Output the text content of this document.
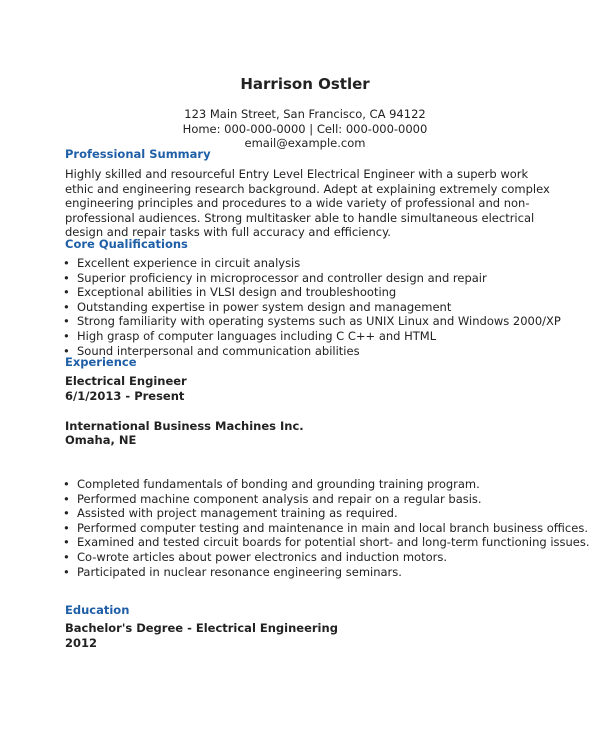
Harrison Ostler
123 Main Street, San Francisco, CA 94122
Home: 000-000-0000 | Cell: 000-000-0000
email@example.com
Professional Summary

Highly skilled and resourceful Entry Level Electrical Engineer with a superb work ethic and engineering research background. Adept at explaining extremely complex engineering principles and procedures to a wide variety of professional and non-professional audiences. Strong multitasker able to handle simultaneous electrical design and repair tasks with full accuracy and efficiency.

Core Qualifications
• Excellent experience in circuit analysis
• Superior proficiency in microprocessor and controller design and repair
• Exceptional abilities in VLSI design and troubleshooting
• Outstanding expertise in power system design and management
• Strong familiarity with operating systems such as UNIX Linux and Windows 2000/XP
• High grasp of computer languages including C C++ and HTML
• Sound interpersonal and communication abilities
Experience
Electrical Engineer
6/1/2013 - Present
International Business Machines Inc.
Omaha, NE
• Completed fundamentals of bonding and grounding training program.
• Performed machine component analysis and repair on a regular basis.
• Assisted with project management training as required.
• Performed computer testing and maintenance in main and local branch business offices.
• Examined and tested circuit boards for potential short- and long-term functioning issues.
• Co-wrote articles about power electronics and induction motors.
• Participated in nuclear resonance engineering seminars.
Education
Bachelor's Degree - Electrical Engineering
2012
